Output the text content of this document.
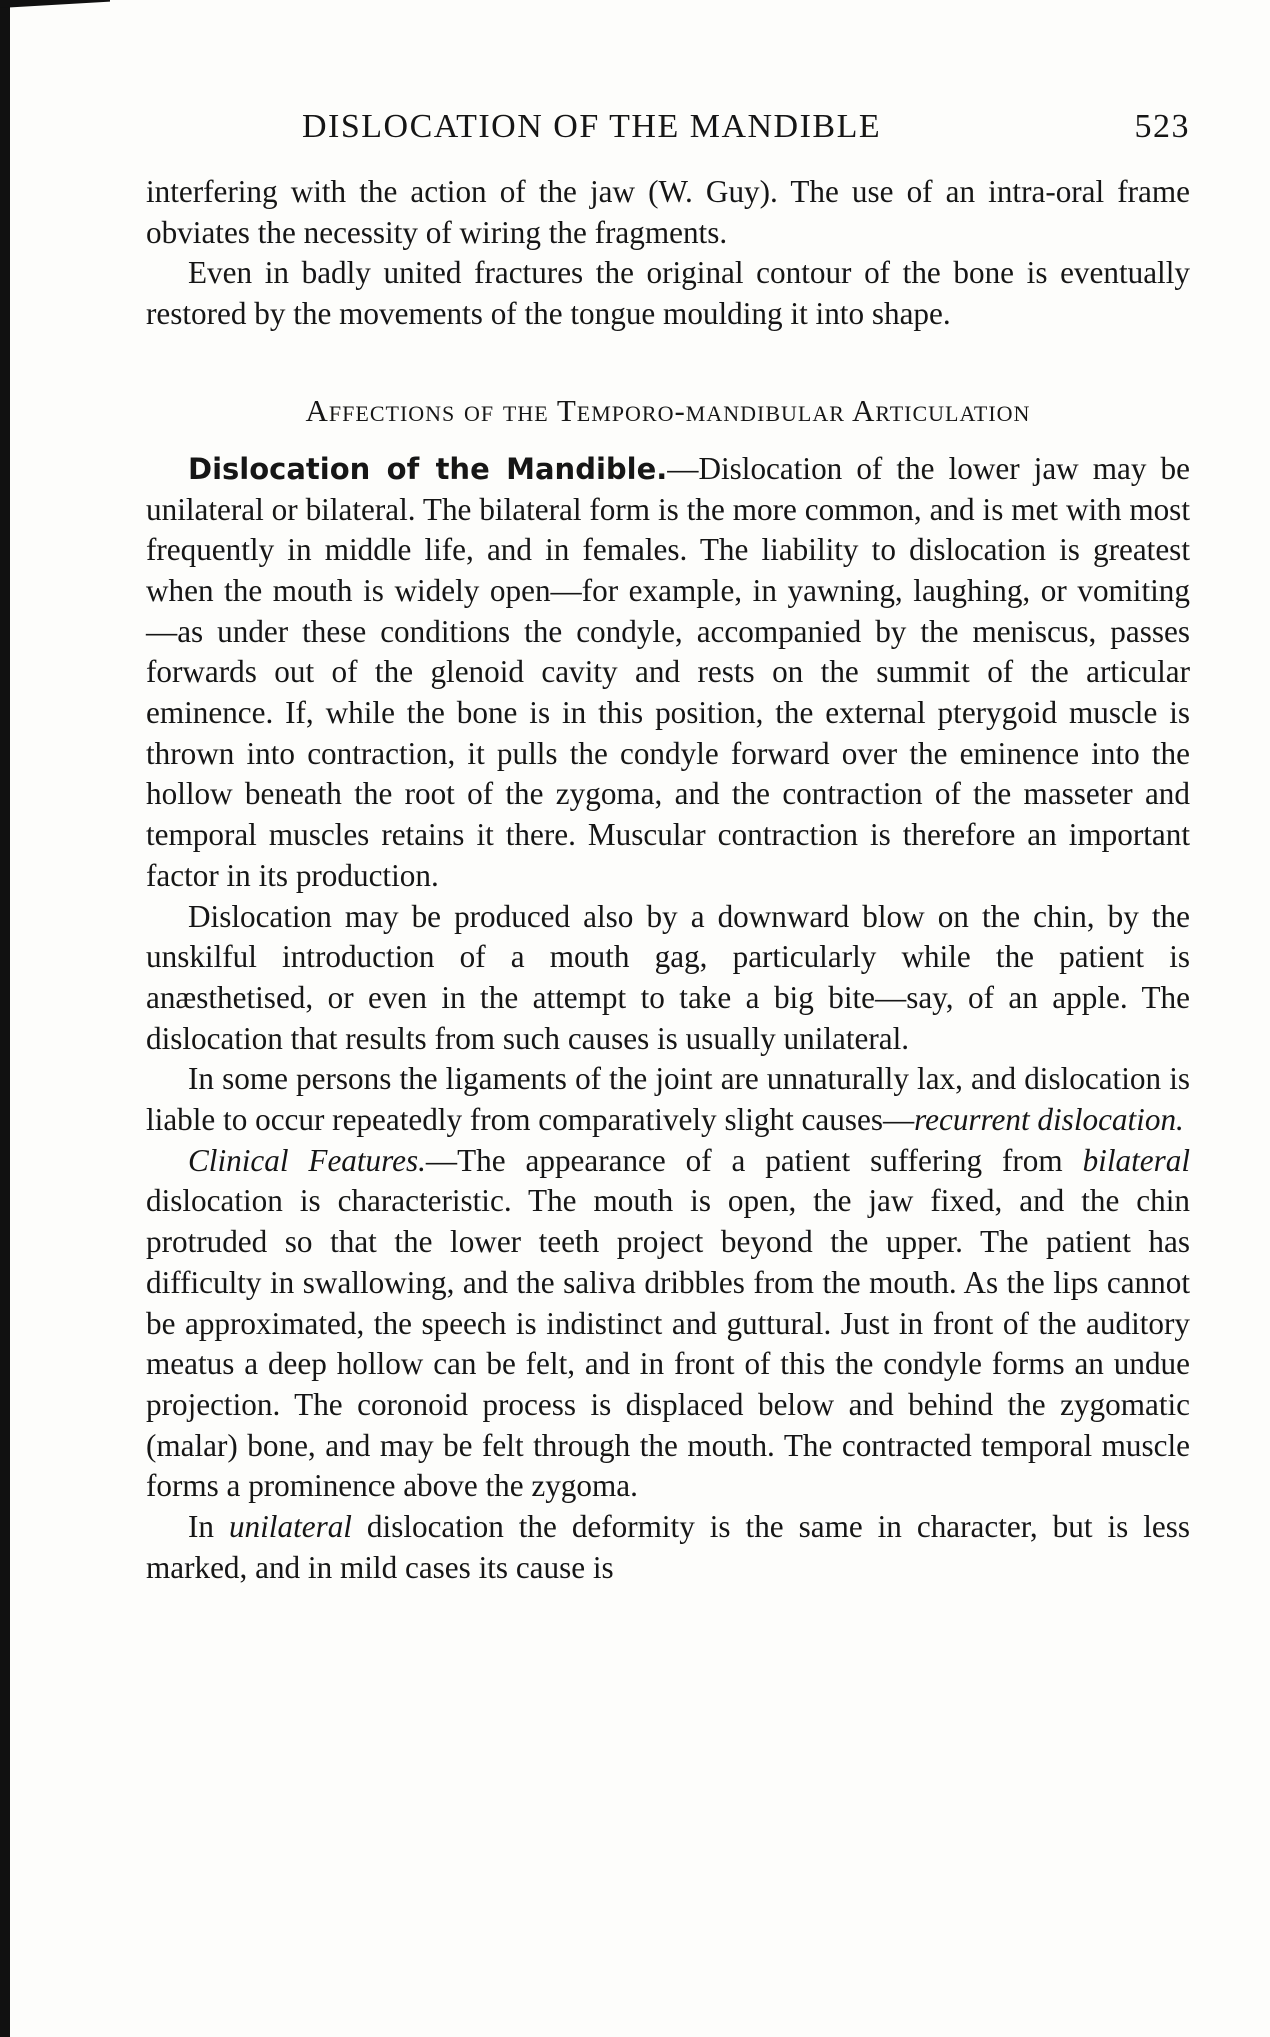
DISLOCATION OF THE MANDIBLE	523

interfering with the action of the jaw (W. Guy). The use of an intra-oral frame obviates the necessity of wiring the fragments.

Even in badly united fractures the original contour of the bone is eventually restored by the movements of the tongue moulding it into shape.

Affections of the Temporo-mandibular Articulation

Dislocation of the Mandible.—Dislocation of the lower jaw may be unilateral or bilateral. The bilateral form is the more common, and is met with most frequently in middle life, and in females. The liability to dislocation is greatest when the mouth is widely open—for example, in yawning, laughing, or vomiting—as under these conditions the condyle, accompanied by the meniscus, passes forwards out of the glenoid cavity and rests on the summit of the articular eminence. If, while the bone is in this position, the external pterygoid muscle is thrown into contraction, it pulls the condyle forward over the eminence into the hollow beneath the root of the zygoma, and the contraction of the masseter and temporal muscles retains it there. Muscular contraction is therefore an important factor in its production.

Dislocation may be produced also by a downward blow on the chin, by the unskilful introduction of a mouth gag, particularly while the patient is anæsthetised, or even in the attempt to take a big bite—say, of an apple. The dislocation that results from such causes is usually unilateral.

In some persons the ligaments of the joint are unnaturally lax, and dislocation is liable to occur repeatedly from comparatively slight causes—recurrent dislocation.

Clinical Features.—The appearance of a patient suffering from bilateral dislocation is characteristic. The mouth is open, the jaw fixed, and the chin protruded so that the lower teeth project beyond the upper. The patient has difficulty in swallowing, and the saliva dribbles from the mouth. As the lips cannot be approximated, the speech is indistinct and guttural. Just in front of the auditory meatus a deep hollow can be felt, and in front of this the condyle forms an undue projection. The coronoid process is displaced below and behind the zygomatic (malar) bone, and may be felt through the mouth. The contracted temporal muscle forms a prominence above the zygoma.

In unilateral dislocation the deformity is the same in character, but is less marked, and in mild cases its cause is
